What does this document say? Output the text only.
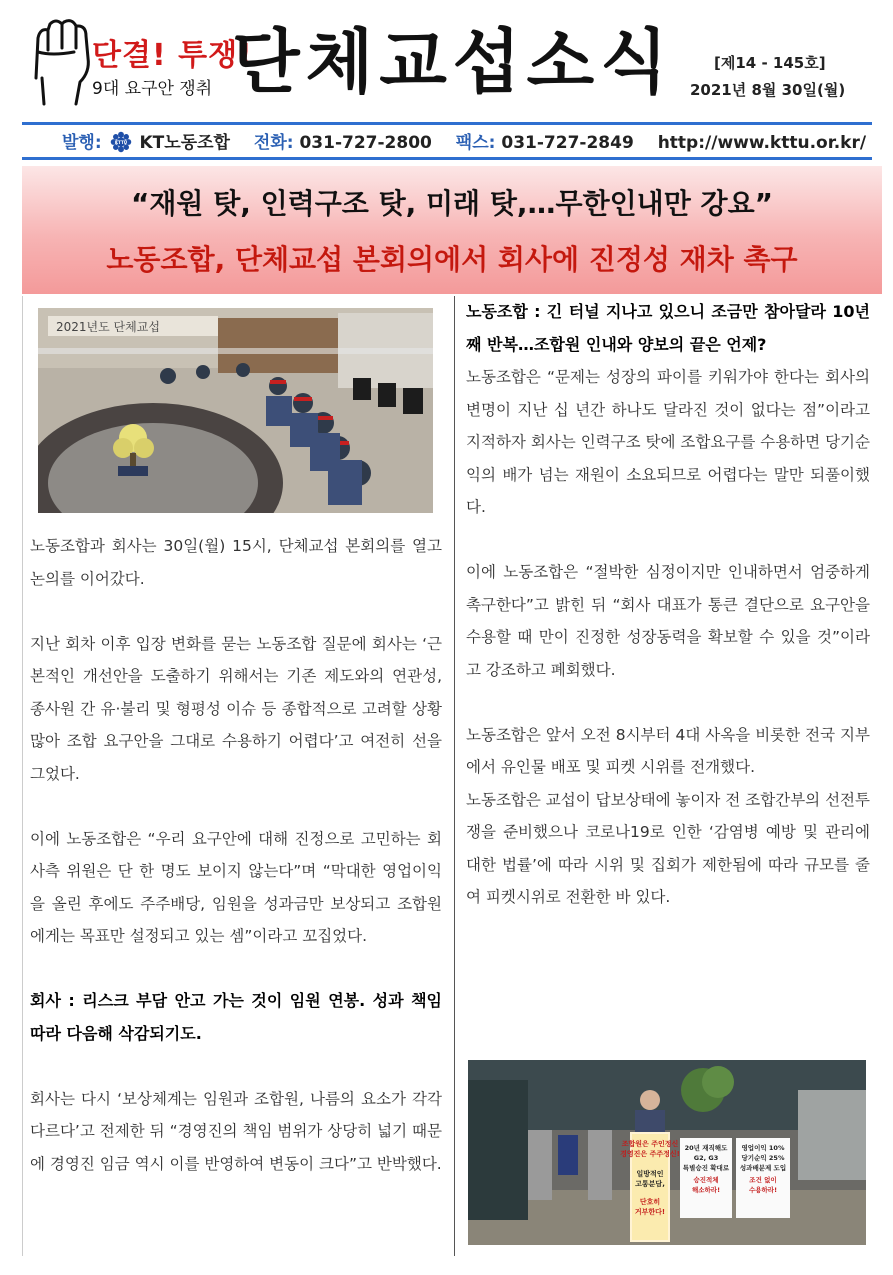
단결! 투쟁!
9대 요구안 쟁취 단체교섭소식	[제14 - 145호]
2021년 8월 30일(월)
발행:	KTTU KT노동조합 전화: 031-727-2800 팩스: 031-727-2849 http://www.kttu.or.kr/
“재원 탓, 인력구조 탓, 미래 탓,…무한인내만 강요”
노동조합, 단체교섭 본회의에서 회사에 진정성 재차 촉구
2021년도 단체교섭

노동조합과 회사는 30일(월) 15시, 단체교섭 본회의를 열고 논의를 이어갔다.

지난 회차 이후 입장 변화를 묻는 노동조합 질문에 회사는 ‘근본적인 개선안을 도출하기 위해서는 기존 제도와의 연관성, 종사원 간 유·불리 및 형평성 이슈 등 종합적으로 고려할 상황 많아 조합 요구안을 그대로 수용하기 어렵다’고 여전히 선을 그었다.

이에 노동조합은 “우리 요구안에 대해 진정으로 고민하는 회사측 위원은 단 한 명도 보이지 않는다”며 “막대한 영업이익을 올린 후에도 주주배당, 임원을 성과금만 보상되고 조합원에게는 목표만 설정되고 있는 셈”이라고 꼬집었다.

회사 : 리스크 부담 안고 가는 것이 임원 연봉. 성과 책임 따라 다음해 삭감되기도.

회사는 다시 ‘보상체계는 임원과 조합원, 나름의 요소가 각각 다르다’고 전제한 뒤 “경영진의 책임 범위가 상당히 넓기 때문에 경영진 임금 역시 이를 반영하여 변동이 크다”고 반박했다.

노동조합 : 긴 터널 지나고 있으니 조금만 참아달라 10년 째 반복…조합원 인내와 양보의 끝은 언제?

노동조합은 “문제는 성장의 파이를 키워가야 한다는 회사의 변명이 지난 십 년간 하나도 달라진 것이 없다는 점”이라고 지적하자 회사는 인력구조 탓에 조합요구를 수용하면 당기순익의 배가 넘는 재원이 소요되므로 어렵다는 말만 되풀이했다.

이에 노동조합은 “절박한 심정이지만 인내하면서 엄중하게 촉구한다”고 밝힌 뒤 “회사 대표가 통큰 결단으로 요구안을 수용할 때 만이 진정한 성장동력을 확보할 수 있을 것”이라고 강조하고 폐회했다.

노동조합은 앞서 오전 8시부터 4대 사옥을 비롯한 전국 지부에서 유인물 배포 및 피켓 시위를 전개했다.

노동조합은 교섭이 답보상태에 놓이자 전 조합간부의 선전투쟁을 준비했으나 코로나19로 인한 ‘감염병 예방 및 관리에 대한 법률’에 따라 시위 및 집회가 제한됨에 따라 규모를 줄여 피켓시위로 전환한 바 있다.

조합원은 주인정신
경영진은 주주정신!
일방적인
고통분담,
단호히
거부한다!
20년 재직해도
G2, G3
특별승진 확대로
승진적체
해소하라!
영업이익 10%
당기순익 25%
성과배분제 도입
조건 없이
수용하라!
